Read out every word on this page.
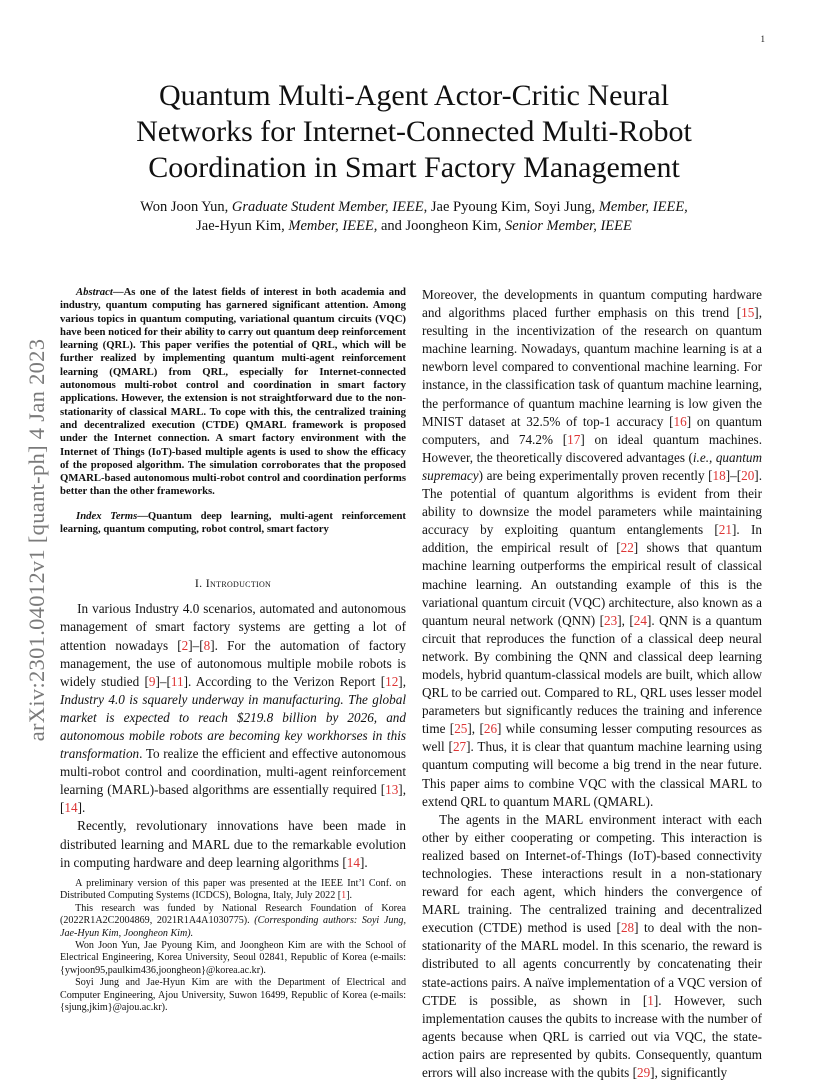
1
arXiv:2301.04012v1 [quant-ph] 4 Jan 2023
Quantum Multi-Agent Actor-Critic Neural
Networks for Internet-Connected Multi-Robot
Coordination in Smart Factory Management
Won Joon Yun, Graduate Student Member, IEEE, Jae Pyoung Kim, Soyi Jung, Member, IEEE,
Jae-Hyun Kim, Member, IEEE, and Joongheon Kim, Senior Member, IEEE

Abstract—As one of the latest fields of interest in both academia and industry, quantum computing has garnered significant attention. Among various topics in quantum computing, variational quantum circuits (VQC) have been noticed for their ability to carry out quantum deep reinforcement learning (QRL). This paper verifies the potential of QRL, which will be further realized by implementing quantum multi-agent reinforcement learning (QMARL) from QRL, especially for Internet-connected autonomous multi-robot control and coordination in smart factory applications. However, the extension is not straightforward due to the non-stationarity of classical MARL. To cope with this, the centralized training and decentralized execution (CTDE) QMARL framework is proposed under the Internet connection. A smart factory environment with the Internet of Things (IoT)-based multiple agents is used to show the efficacy of the proposed algorithm. The simulation corroborates that the proposed QMARL-based autonomous multi-robot control and coordination performs better than the other frameworks.

Index Terms—Quantum deep learning, multi-agent reinforcement learning, quantum computing, robot control, smart factory

I. Introduction

In various Industry 4.0 scenarios, automated and autonomous management of smart factory systems are getting a lot of attention nowadays [2]–[8]. For the automation of factory management, the use of autonomous multiple mobile robots is widely studied [9]–[11]. According to the Verizon Report [12], Industry 4.0 is squarely underway in manufacturing. The global market is expected to reach $219.8 billion by 2026, and autonomous mobile robots are becoming key workhorses in this transformation. To realize the efficient and effective autonomous multi-robot control and coordination, multi-agent reinforcement learning (MARL)-based algorithms are essentially required [13], [14].

Recently, revolutionary innovations have been made in distributed learning and MARL due to the remarkable evolution in computing hardware and deep learning algorithms [14].

A preliminary version of this paper was presented at the IEEE Int’l Conf. on Distributed Computing Systems (ICDCS), Bologna, Italy, July 2022 [1].

This research was funded by National Research Foundation of Korea (2022R1A2C2004869, 2021R1A4A1030775). (Corresponding authors: Soyi Jung, Jae-Hyun Kim, Joongheon Kim).

Won Joon Yun, Jae Pyoung Kim, and Joongheon Kim are with the School of Electrical Engineering, Korea University, Seoul 02841, Republic of Korea (e-mails: {ywjoon95,paulkim436,joongheon}@korea.ac.kr).

Soyi Jung and Jae-Hyun Kim are with the Department of Electrical and Computer Engineering, Ajou University, Suwon 16499, Republic of Korea (e-mails: {sjung,jkim}@ajou.ac.kr).

Moreover, the developments in quantum computing hardware and algorithms placed further emphasis on this trend [15], resulting in the incentivization of the research on quantum machine learning. Nowadays, quantum machine learning is at a newborn level compared to conventional machine learning. For instance, in the classification task of quantum machine learning, the performance of quantum machine learning is low given the MNIST dataset at 32.5% of top-1 accuracy [16] on quantum computers, and 74.2% [17] on ideal quantum machines. However, the theoretically discovered advantages (i.e., quantum supremacy) are being experimentally proven recently [18]–[20]. The potential of quantum algorithms is evident from their ability to downsize the model parameters while maintaining accuracy by exploiting quantum entanglements [21]. In addition, the empirical result of [22] shows that quantum machine learning outperforms the empirical result of classical machine learning. An outstanding example of this is the variational quantum circuit (VQC) architecture, also known as a quantum neural network (QNN) [23], [24]. QNN is a quantum circuit that reproduces the function of a classical deep neural network. By combining the QNN and classical deep learning models, hybrid quantum-classical models are built, which allow QRL to be carried out. Compared to RL, QRL uses lesser model parameters but significantly reduces the training and inference time [25], [26] while consuming lesser computing resources as well [27]. Thus, it is clear that quantum machine learning using quantum computing will become a big trend in the near future. This paper aims to combine VQC with the classical MARL to extend QRL to quantum MARL (QMARL).

The agents in the MARL environment interact with each other by either cooperating or competing. This interaction is realized based on Internet-of-Things (IoT)-based connectivity technologies. These interactions result in a non-stationary reward for each agent, which hinders the convergence of MARL training. The centralized training and decentralized execution (CTDE) method is used [28] to deal with the non-stationarity of the MARL model. In this scenario, the reward is distributed to all agents concurrently by concatenating their state-actions pairs. A naïve implementation of a VQC version of CTDE is possible, as shown in [1]. However, such implementation causes the qubits to increase with the number of agents because when QRL is carried out via VQC, the state-action pairs are represented by qubits. Consequently, quantum errors will also increase with the qubits [29], significantly
